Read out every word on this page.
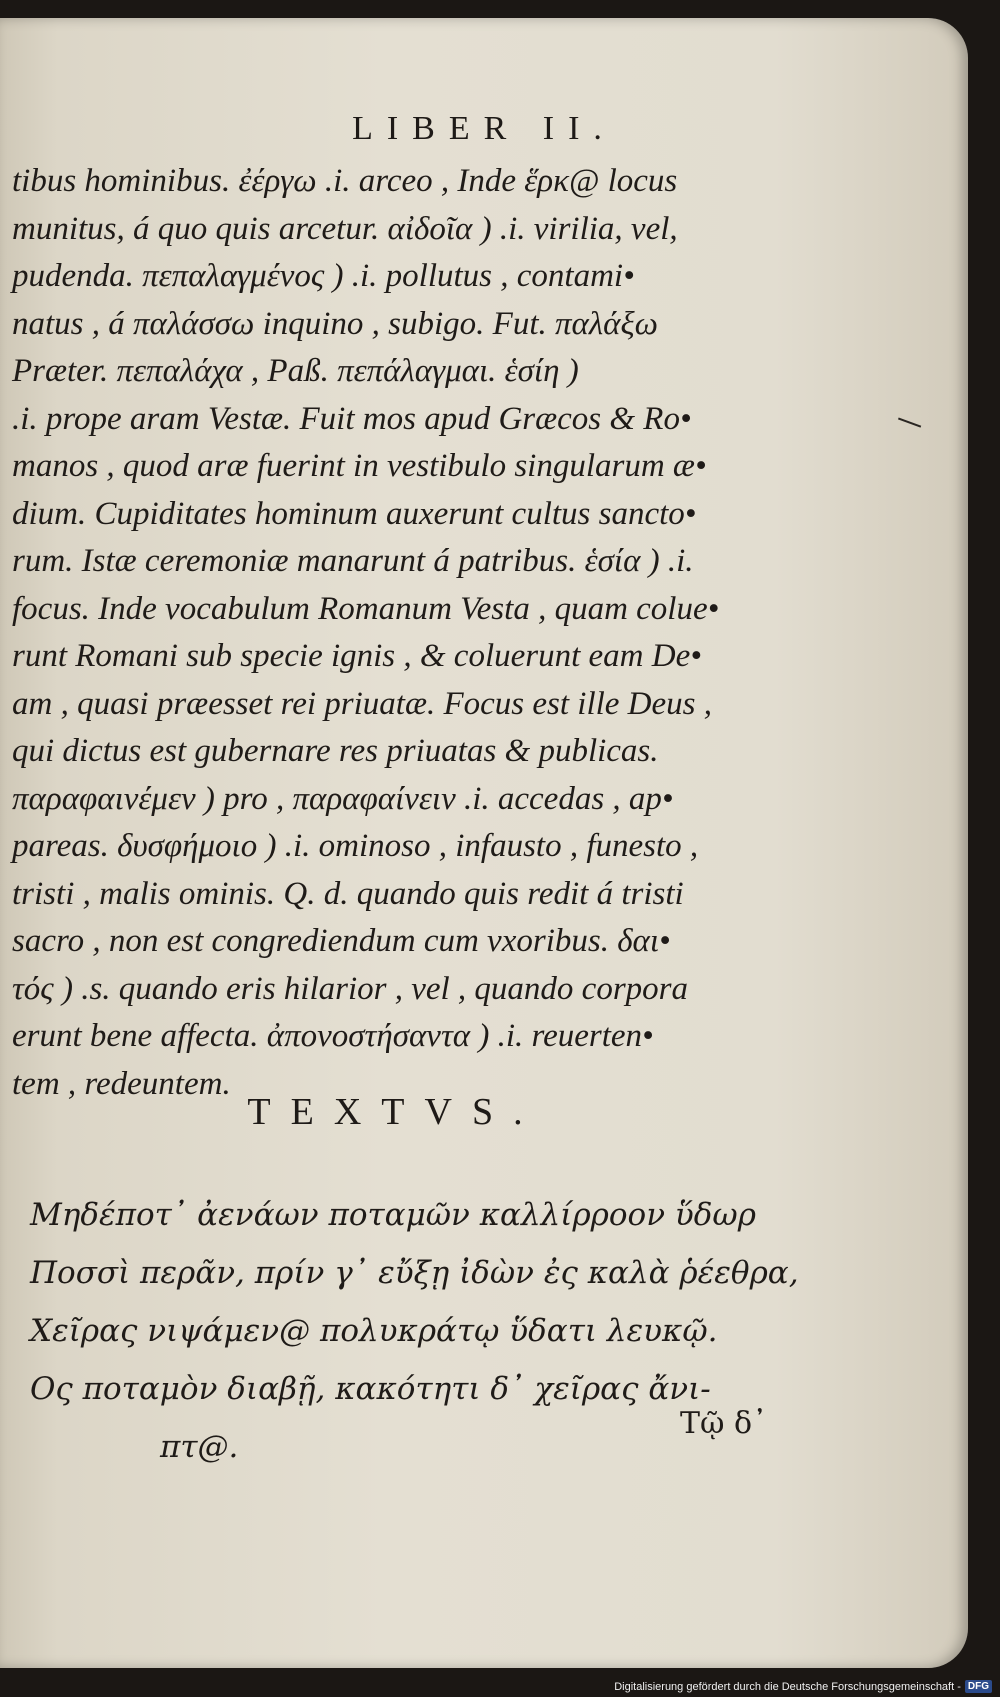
LIBER II.
tibus hominibus. ἐέργω .i. arceo , Inde ἕρκ@ locus
munitus, á quo quis arcetur. αἰδοῖα ) .i. virilia, vel,
pudenda. πεπαλαγμένος ) .i. pollutus , contami•
natus , á παλάσσω inquino , subigo. Fut. παλάξω
Præter. πεπαλάχα , Paß. πεπάλαγμαι. ἑσίη )
.i. prope aram Vestæ. Fuit mos apud Græcos & Ro•
manos , quod aræ fuerint in vestibulo singularum æ•
dium. Cupiditates hominum auxerunt cultus sancto•
rum. Istæ ceremoniæ manarunt á patribus. ἑσία ) .i.
focus. Inde vocabulum Romanum Vesta , quam colue•
runt Romani sub specie ignis , & coluerunt eam De•
am , quasi præesset rei priuatæ. Focus est ille Deus ,
qui dictus est gubernare res priuatas & publicas.
παραφαινέμεν ) pro , παραφαίνειν .i. accedas , ap•
pareas. δυσφήμοιο ) .i. ominoso , infausto , funesto ,
tristi , malis ominis. Q. d. quando quis redit á tristi
sacro , non est congrediendum cum vxoribus. δαι•
τός ) .s. quando eris hilarior , vel , quando corpora
erunt bene affecta. ἀπονοστήσαντα ) .i. reuerten•
tem , redeuntem.
TEXTVS.
Μηδέποτ᾽ ἀενάων ποταμῶν καλλίρροον ὕδωρ
Ποσσὶ περᾶν, πρίν γ᾽ εὔξῃ ἰδὼν ἐς καλὰ ῥέεθρα,
Χεῖρας νιψάμεν@ πολυκράτῳ ὕδατι λευκῷ.
Ος ποταμὸν διαβῇ, κακότητι δ᾽ χεῖρας ἄνι-
πτ@.
Τῷ δ᾽
Digitalisierung gefördert durch die Deutsche Forschungsgemeinschaft - DFG
